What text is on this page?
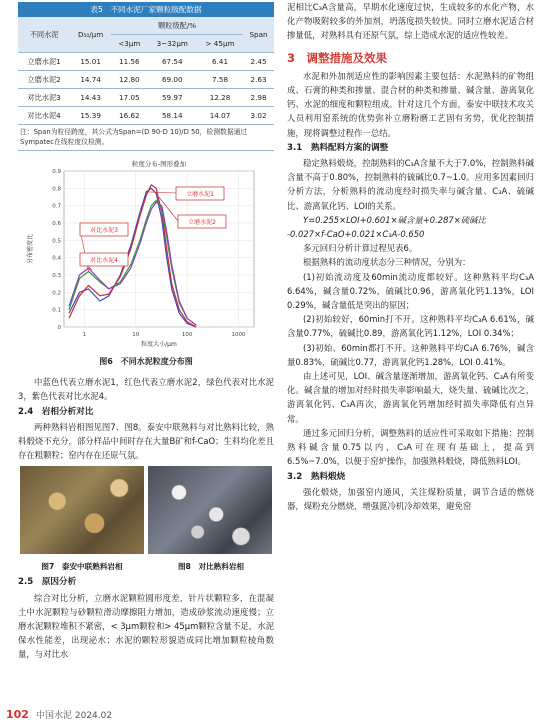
表5　不同水泥厂家颗粒级配数据
不同水泥	D₅₀/μm	颗粒级配/%			Span
		<3μm	3~32μm	> 45μm	
立磨水泥1	15.01	11.56	67.54	6.41	2.45
立磨水泥2	14.74	12.80	69.00	7.58	2.63
对比水泥3	14.43	17.05	59.97	12.28	2.98
对比水泥4	15.39	16.62	58.14	14.07	3.02
注：Span为粒径跨度，其公式为Span=(D 90-D 10)/D 50，检测数据通过Sympatec在线粒度仪检测。
粒度分布-图形叠加
0.9
0.8
0.7
0.6
0.5
0.4
0.3
0.2
0.1
0
1	10	100	1000
粒度大小/μm
分布密度比
立磨水泥1
立磨水泥2
对比水泥3
对比水泥4
图6　不同水泥粒度分布图
中蓝色代表立磨水泥1，红色代表立磨水泥2，绿色代表对比水泥3，紫色代表对比水泥4。
2.4　岩相分析对比
两种熟料岩相图见图7、图8。泰安中联熟料与对比熟料比较，熟料煅烧不充分，部分样品中间时存在大量B矿和f-CaO；生料均化差且存在粗颗粒；窑内存在还原气氛。
图7　泰安中联熟料岩相	图8　对比熟料岩相
2.5　原因分析
综合对比分析，立磨水泥颗粒圆形度差，针片状颗粒多，在混凝土中水泥颗粒与砂颗粒滑动摩擦阻力增加，造成砂浆流动速度慢；立磨水泥颗粒堆积不紧密，< 3μm颗粒和> 45μm颗粒含量不足，水泥保水性能差，出现泌水；水泥的颗粒形貌造成同比增加颗粒棱角数量，与对比水
泥相比C₃A含量高，早期水化速度过快，生成较多的水化产物，水化产物吸附较多的外加剂，坍落度损失较快。同时立磨水泥适合材掺量低，对熟料具有还原气氛，综上造成水泥的适应性较差。
3　调整措施及效果
水泥和外加剂适应性的影响因素主要包括：水泥熟料的矿物组成、石膏的种类和掺量、混合材的种类和掺量、碱含量、游离氧化钙、水泥的细度和颗粒组成。针对这几个方面，泰安中联技术攻关人员利用窑系统的优势弥补立磨粉磨工艺固有劣势，优化控制措施，现将调整过程作一总结。
3.1　熟料配料方案的调整
稳定熟料煅烧，控制熟料的C₃A含量不大于7.0%，控制熟料碱含量不高于0.80%，控制熟料的硫碱比0.7~1.0。应用多因素回归分析方法，分析熟料的流动度经时损失率与碱含量、C₃A、硫碱比、游离氧化钙、LOI的关系。
Y=0.255×LOI+0.601×碱含量+0.287×硫碱比
-0.027×f-CaO+0.021×C₃A-0.650
多元回归分析计算过程见表6。
根据熟料的流动度状态分三种情况，分别为：
(1)初始流动度及60min流动度都较好。这种熟料平均C₃A 6.64%，碱含量0.72%，硫碱比0.96，游离氧化钙1.13%，LOI 0.29%，碱含量低是突出的原因；
(2)初始较好，60min打不开。这种熟料平均C₃A 6.61%，碱含量0.77%，硫碱比0.89，游离氧化钙1.12%，LOI 0.34%；
(3)初始、60min都打不开。这种熟料平均C₃A 6.76%，碱含量0.83%，硫碱比0.77，游离氧化钙1.28%，LOI 0.41%。
由上述可见，LOI、碱含量逐渐增加，游离氧化钙、C₃A有所变化。碱含量的增加对经时损失率影响最大，烧失量、硫碱比次之，游离氧化钙、C₃A再次，游离氧化钙增加经时损失率降低有点异常。
通过多元回归分析，调整熟料的适应性可采取如下措施：控制熟料碱含量0.75以内，C₃A可在现有基础上，提高到6.5%~7.0%，以便于窑炉操作，加强熟料煅烧，降低熟料LOI。
3.2　熟料煅烧
强化煅烧，加强窑内通风，关注煤粉质量，调节合适的燃烧器，煤粉充分燃烧，增强篦冷机冷却效果，避免窑
102 中国水泥 2024.02
